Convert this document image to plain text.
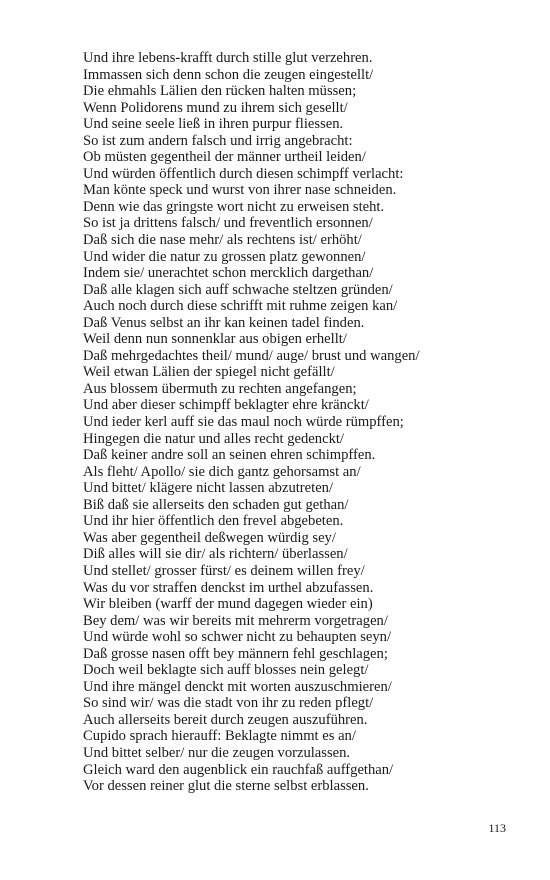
Und ihre lebens-krafft durch stille glut verzehren.
Immassen sich denn schon die zeugen eingestellt/
Die ehmahls Lälien den rücken halten müssen;
Wenn Polidorens mund zu ihrem sich gesellt/
Und seine seele ließ in ihren purpur fliessen.
So ist zum andern falsch und irrig angebracht:
Ob müsten gegentheil der männer urtheil leiden/
Und würden öffentlich durch diesen schimpff verlacht:
Man könte speck und wurst von ihrer nase schneiden.
Denn wie das gringste wort nicht zu erweisen steht.
So ist ja drittens falsch/ und freventlich ersonnen/
Daß sich die nase mehr/ als rechtens ist/ erhöht/
Und wider die natur zu grossen platz gewonnen/
Indem sie/ unerachtet schon mercklich dargethan/
Daß alle klagen sich auff schwache steltzen gründen/
Auch noch durch diese schrifft mit ruhme zeigen kan/
Daß Venus selbst an ihr kan keinen tadel finden.
Weil denn nun sonnenklar aus obigen erhellt/
Daß mehrgedachtes theil/ mund/ auge/ brust und wangen/
Weil etwan Lälien der spiegel nicht gefällt/
Aus blossem übermuth zu rechten angefangen;
Und aber dieser schimpff beklagter ehre kränckt/
Und ieder kerl auff sie das maul noch würde rümpffen;
Hingegen die natur und alles recht gedenckt/
Daß keiner andre soll an seinen ehren schimpffen.
Als fleht/ Apollo/ sie dich gantz gehorsamst an/
Und bittet/ klägere nicht lassen abzutreten/
Biß daß sie allerseits den schaden gut gethan/
Und ihr hier öffentlich den frevel abgebeten.
Was aber gegentheil deßwegen würdig sey/
Diß alles will sie dir/ als richtern/ überlassen/
Und stellet/ grosser fürst/ es deinem willen frey/
Was du vor straffen denckst im urthel abzufassen.
Wir bleiben (warff der mund dagegen wieder ein)
Bey dem/ was wir bereits mit mehrerm vorgetragen/
Und würde wohl so schwer nicht zu behaupten seyn/
Daß grosse nasen offt bey männern fehl geschlagen;
Doch weil beklagte sich auff blosses nein gelegt/
Und ihre mängel denckt mit worten auszuschmieren/
So sind wir/ was die stadt von ihr zu reden pflegt/
Auch allerseits bereit durch zeugen auszuführen.
Cupido sprach hierauff: Beklagte nimmt es an/
Und bittet selber/ nur die zeugen vorzulassen.
Gleich ward den augenblick ein rauchfaß auffgethan/
Vor dessen reiner glut die sterne selbst erblassen.
113
